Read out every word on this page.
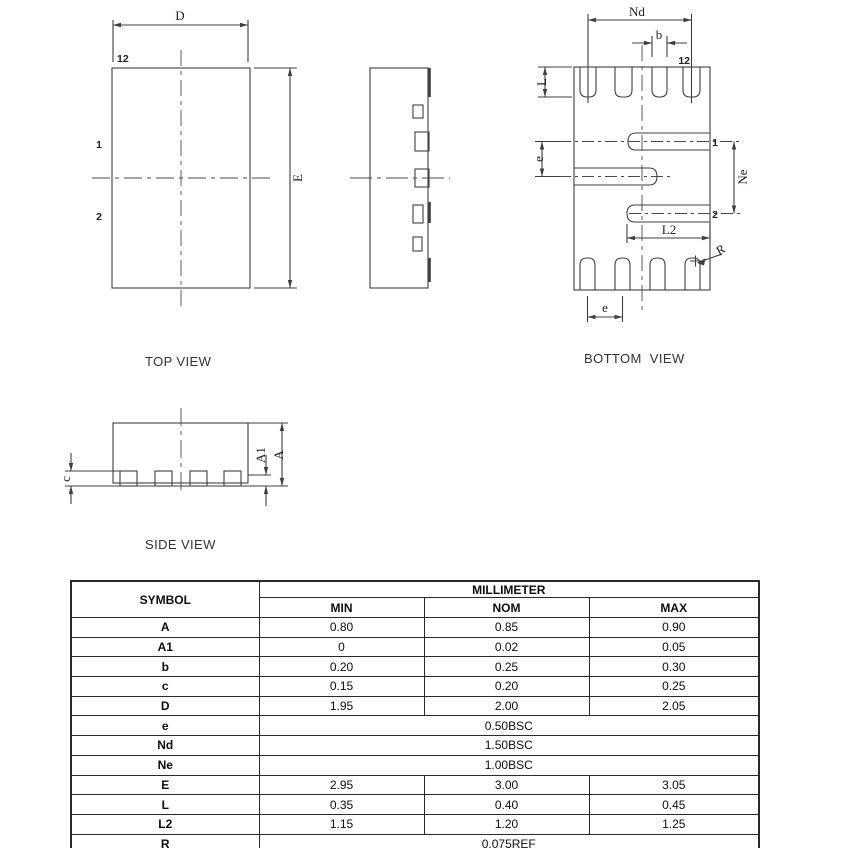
D
E
12
1
2
Nd
b
12
L
e
1
Ne
2
L2
R
e
c
A1 A
TOP VIEW	BOTTOM  VIEW
SIDE VIEW
SYMBOL	MILLIMETER		
	MIN	NOM	MAX
A	0.80	0.85	0.90
A1	0	0.02	0.05
b	0.20	0.25	0.30
c	0.15	0.20	0.25
D	1.95	2.00	2.05
e	0.50BSC		
Nd	1.50BSC		
Ne	1.00BSC		
E	2.95	3.00	3.05
L	0.35	0.40	0.45
L2	1.15	1.20	1.25
R	0.075REF		
